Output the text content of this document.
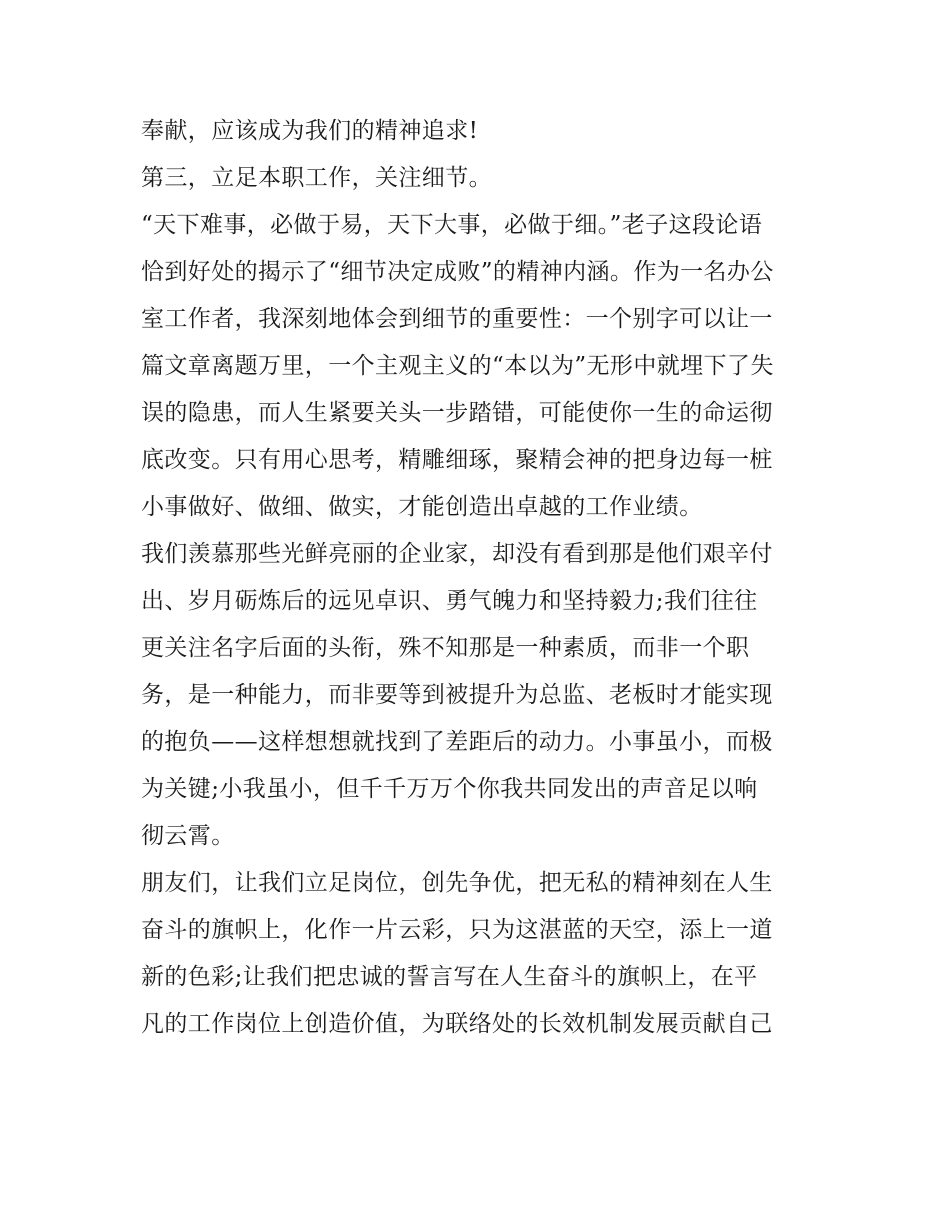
奉献，应该成为我们的精神追求!
第三，立足本职工作，关注细节。
“天下难事，必做于易，天下大事，必做于细。”老子这段论语
恰到好处的揭示了“细节决定成败”的精神内涵。作为一名办公
室工作者，我深刻地体会到细节的重要性：一个别字可以让一
篇文章离题万里，一个主观主义的“本以为”无形中就埋下了失
误的隐患，而人生紧要关头一步踏错，可能使你一生的命运彻
底改变。只有用心思考，精雕细琢，聚精会神的把身边每一桩
小事做好、做细、做实，才能创造出卓越的工作业绩。
我们羡慕那些光鲜亮丽的企业家，却没有看到那是他们艰辛付
出、岁月砺炼后的远见卓识、勇气魄力和坚持毅力;我们往往
更关注名字后面的头衔，殊不知那是一种素质，而非一个职
务，是一种能力，而非要等到被提升为总监、老板时才能实现
的抱负——这样想想就找到了差距后的动力。小事虽小，而极
为关键;小我虽小，但千千万万个你我共同发出的声音足以响
彻云霄。
朋友们，让我们立足岗位，创先争优，把无私的精神刻在人生
奋斗的旗帜上，化作一片云彩，只为这湛蓝的天空，添上一道
新的色彩;让我们把忠诚的誓言写在人生奋斗的旗帜上，在平
凡的工作岗位上创造价值，为联络处的长效机制发展贡献自己
